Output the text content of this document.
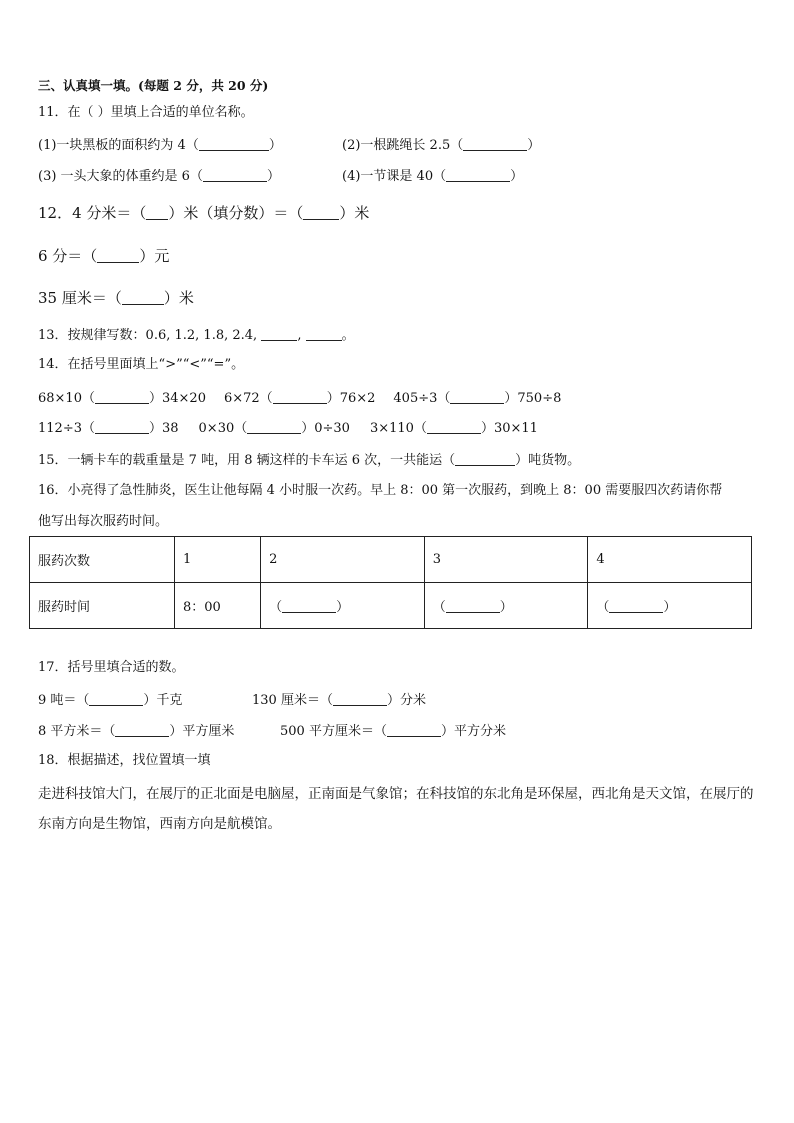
三、认真填一填。(每题 2 分，共 20 分)
11．在（ ）里填上合适的单位名称。
(1)一块黑板的面积约为 4（	）	(2)一根跳绳长 2.5（	）
(3) 一头大象的体重约是 6（	）	(4)一节课是 40（	）
12．4 分米＝（ ）米（填分数）＝（ ）米
6 分＝（	）元
35 厘米＝（	）米
13．按规律写数：0.6, 1.2, 1.8, 2.4,	,	。
14．在括号里面填上“>”“<”“=”。
68×10（	）34×20 6×72（	）76×2 405÷3（	）750÷8
112÷3（	）38 0×30（	）0÷30 3×110（	）30×11
15．一辆卡车的载重量是 7 吨，用 8 辆这样的卡车运 6 次，一共能运（	）吨货物。
16．小亮得了急性肺炎，医生让他每隔 4 小时服一次药。早上 8：00 第一次服药，到晚上 8：00 需要服四次药请你帮
他写出每次服药时间。
服药次数	1	2	3	4
服药时间	8：00	（ ）	（ ）	（ ）
17．括号里填合适的数。
9 吨＝（	）千克	130 厘米＝（	）分米
8 平方米＝（	）平方厘米	500 平方厘米＝（	）平方分米
18．根据描述，找位置填一填
走进科技馆大门，在展厅的正北面是电脑屋，正南面是气象馆；在科技馆的东北角是环保屋，西北角是天文馆，在展厅的东南方向是生物馆，西南方向是航模馆。
